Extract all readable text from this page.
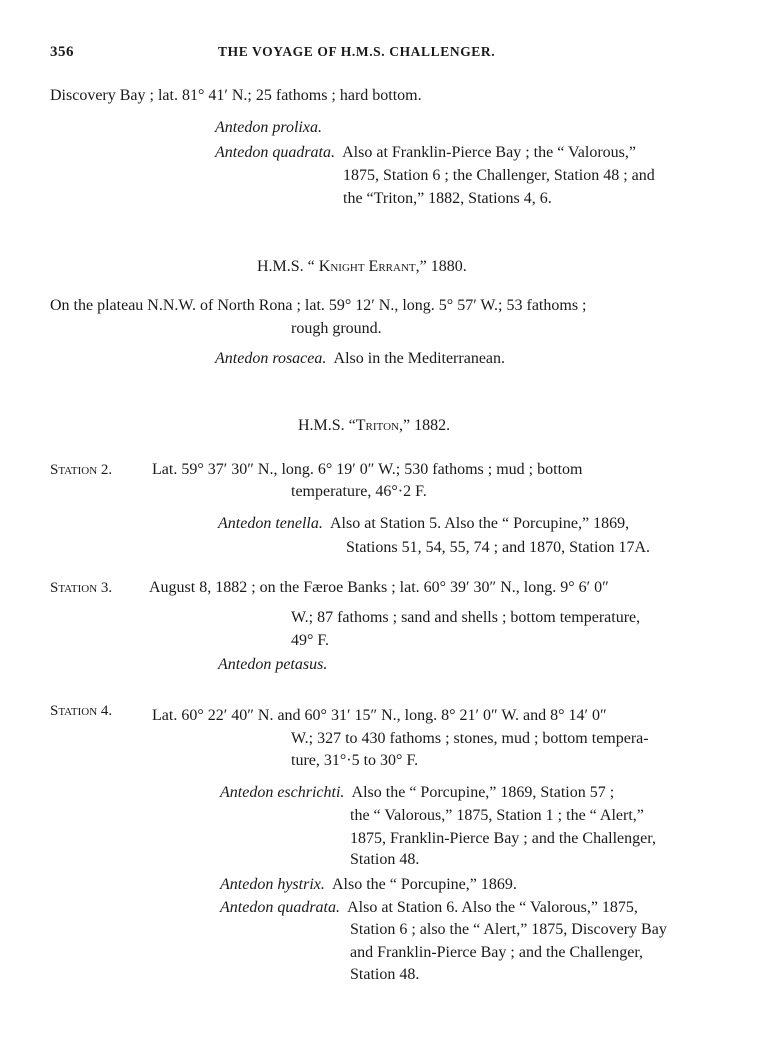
356	THE VOYAGE OF H.M.S. CHALLENGER.
Discovery Bay ; lat. 81° 41′ N.; 25 fathoms ; hard bottom.
Antedon prolixa.
Antedon quadrata. Also at Franklin-Pierce Bay ; the “ Valorous,”
1875, Station 6 ; the Challenger, Station 48 ; and
the “Triton,” 1882, Stations 4, 6.
H.M.S. “ Knight Errant,” 1880.
On the plateau N.N.W. of North Rona ; lat. 59° 12′ N., long. 5° 57′ W.; 53 fathoms ;
rough ground.
Antedon rosacea. Also in the Mediterranean.
H.M.S. “Triton,” 1882.
Station 2. Lat. 59° 37′ 30″ N., long. 6° 19′ 0″ W.; 530 fathoms ; mud ; bottom
temperature, 46°·2 F.
Antedon tenella. Also at Station 5. Also the “ Porcupine,” 1869,
Stations 51, 54, 55, 74 ; and 1870, Station 17A.
Station 3. August 8, 1882 ; on the Færoe Banks ; lat. 60° 39′ 30″ N., long. 9° 6′ 0″
W.; 87 fathoms ; sand and shells ; bottom temperature,
49° F.
Antedon petasus.
Station 4. Lat. 60° 22′ 40″ N. and 60° 31′ 15″ N., long. 8° 21′ 0″ W. and 8° 14′ 0″
W.; 327 to 430 fathoms ; stones, mud ; bottom tempera-
ture, 31°·5 to 30° F.
Antedon eschrichti. Also the “ Porcupine,” 1869, Station 57 ;
the “ Valorous,” 1875, Station 1 ; the “ Alert,”
1875, Franklin-Pierce Bay ; and the Challenger,
Station 48.
Antedon hystrix. Also the “ Porcupine,” 1869.
Antedon quadrata. Also at Station 6. Also the “ Valorous,” 1875,
Station 6 ; also the “ Alert,” 1875, Discovery Bay
and Franklin-Pierce Bay ; and the Challenger,
Station 48.
